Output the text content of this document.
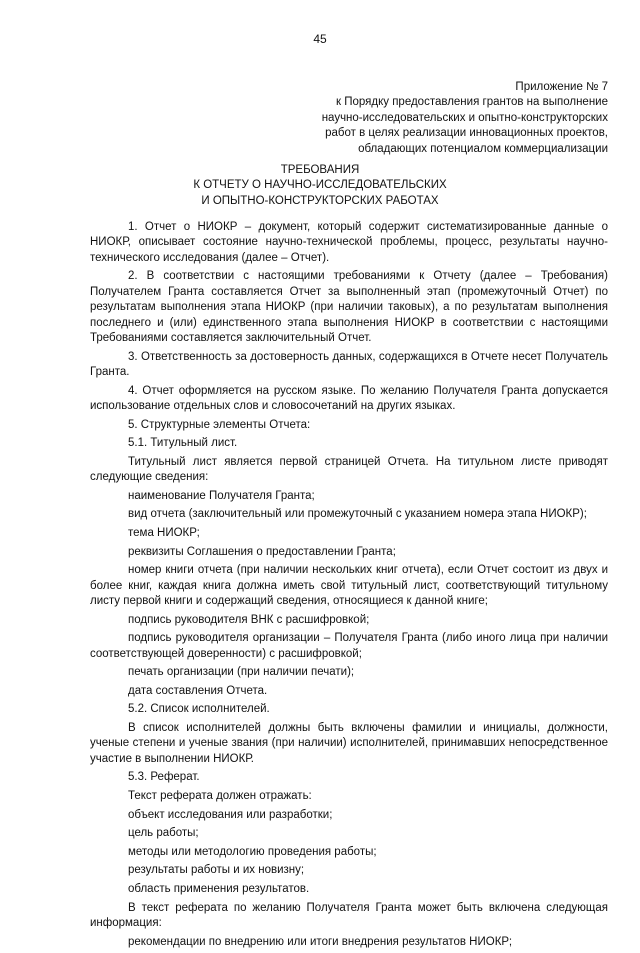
45
Приложение № 7
к Порядку предоставления грантов на выполнение
научно-исследовательских и опытно-конструкторских
работ в целях реализации инновационных проектов,
обладающих потенциалом коммерциализации
ТРЕБОВАНИЯ
К ОТЧЕТУ О НАУЧНО-ИССЛЕДОВАТЕЛЬСКИХ
И ОПЫТНО-КОНСТРУКТОРСКИХ РАБОТАХ

1. Отчет о НИОКР – документ, который содержит систематизированные данные о НИОКР, описывает состояние научно-технической проблемы, процесс, результаты научно-технического исследования (далее – Отчет).

2. В соответствии с настоящими требованиями к Отчету (далее – Требования) Получателем Гранта составляется Отчет за выполненный этап (промежуточный Отчет) по результатам выполнения этапа НИОКР (при наличии таковых), а по результатам выполнения последнего и (или) единственного этапа выполнения НИОКР в соответствии с настоящими Требованиями составляется заключительный Отчет.

3. Ответственность за достоверность данных, содержащихся в Отчете несет Получатель Гранта.

4. Отчет оформляется на русском языке. По желанию Получателя Гранта допускается использование отдельных слов и словосочетаний на других языках.

5. Структурные элементы Отчета:

5.1. Титульный лист.

Титульный лист является первой страницей Отчета. На титульном листе приводят следующие сведения:

наименование Получателя Гранта;

вид отчета (заключительный или промежуточный с указанием номера этапа НИОКР);

тема НИОКР;

реквизиты Соглашения о предоставлении Гранта;

номер книги отчета (при наличии нескольких книг отчета), если Отчет состоит из двух и более книг, каждая книга должна иметь свой титульный лист, соответствующий титульному листу первой книги и содержащий сведения, относящиеся к данной книге;

подпись руководителя ВНК с расшифровкой;

подпись руководителя организации – Получателя Гранта (либо иного лица при наличии соответствующей доверенности) с расшифровкой;

печать организации (при наличии печати);

дата составления Отчета.

5.2. Список исполнителей.

В список исполнителей должны быть включены фамилии и инициалы, должности, ученые степени и ученые звания (при наличии) исполнителей, принимавших непосредственное участие в выполнении НИОКР.

5.3. Реферат.

Текст реферата должен отражать:

объект исследования или разработки;

цель работы;

методы или методологию проведения работы;

результаты работы и их новизну;

область применения результатов.

В текст реферата по желанию Получателя Гранта может быть включена следующая информация:

рекомендации по внедрению или итоги внедрения результатов НИОКР;
